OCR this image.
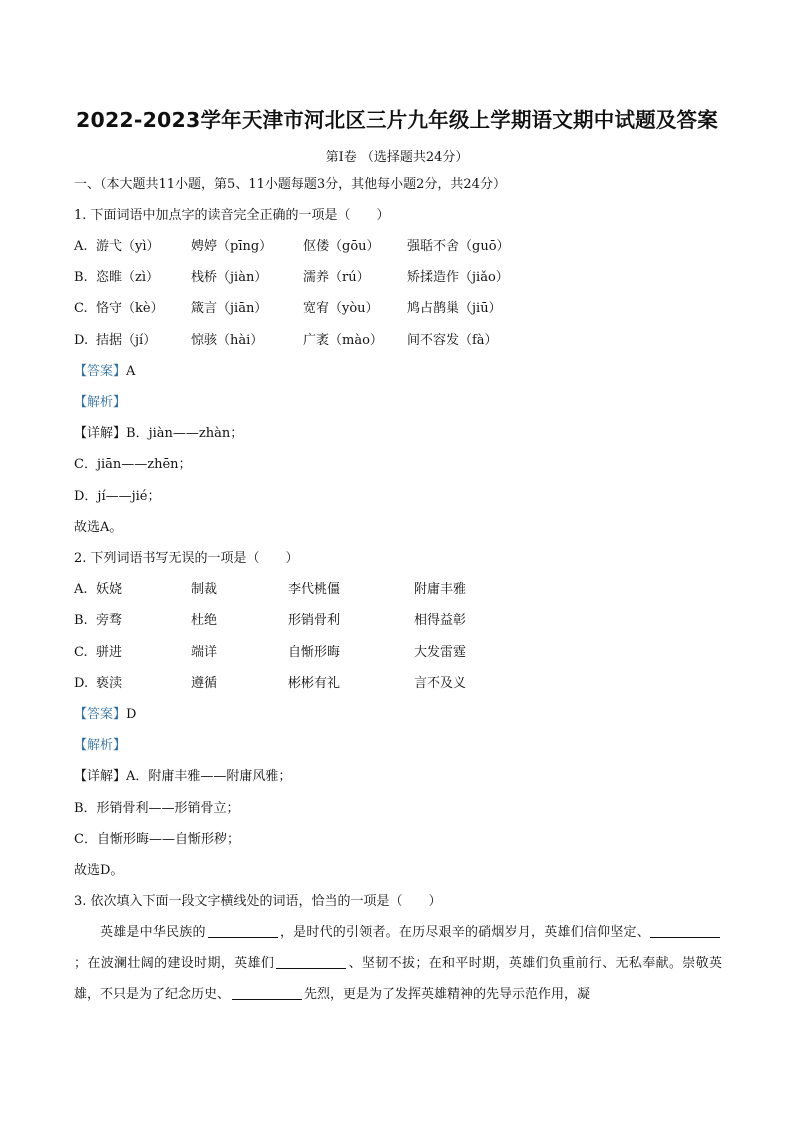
2022-2023学年天津市河北区三片九年级上学期语文期中试题及答案
第Ⅰ卷 （选择题共24分）
一、（本大题共11小题，第5、11小题每题3分，其他每小题2分，共24分）
1. 下面词语中加点字的读音完全正确的一项是（　　）
A. 游弋（yì） 娉婷（pīng） 伛偻（gōu） 强聒不舍（guō）
B. 恣睢（zì） 栈桥（jiàn）	濡养（rú）	矫揉造作（jiǎo）
C. 恪守（kè） 箴言（jiān）	宽宥（yòu） 鸠占鹊巢（jiū）
D. 拮据（jí）	惊骇（hài）	广袤（mào） 间不容发（fà）
【答案】A
【解析】
【详解】B．jiàn——zhàn；
C．jiān——zhēn；
D．jí——jié；
故选A。
2. 下列词语书写无误的一项是（　　）
A. 妖娆	制裁	李代桃僵	附庸丰雅
B. 旁骛	杜绝	形销骨利	相得益彰
C. 骈进	端详	自惭形晦	大发雷霆
D. 亵渎	遵循	彬彬有礼	言不及义
【答案】D
【解析】
【详解】A．附庸丰雅——附庸风雅；
B．形销骨利——形销骨立；
C．自惭形晦——自惭形秽；
故选D。
3. 依次填入下面一段文字横线处的词语，恰当的一项是（　　）
英雄是中华民族的	，是时代的引领者。在历尽艰辛的硝烟岁月，英雄们信仰坚定、；在波澜壮阔的建设时期，英雄们	、坚韧不拔；在和平时期，英雄们负重前行、无私奉献。崇敬英雄，不只是为了纪念历史、	先烈，更是为了发挥英雄精神的先导示范作用，凝
